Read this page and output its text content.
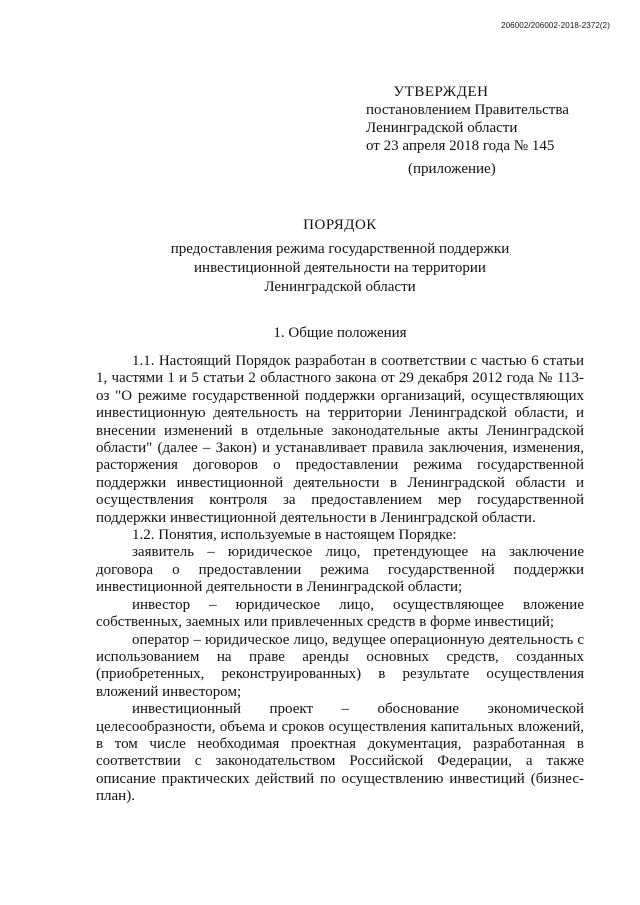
206002/206002-2018-2372(2)
УТВЕРЖДЕН
постановлением Правительства
Ленинградской области
от 23 апреля 2018 года № 145
(приложение)
ПОРЯДОК
предоставления режима государственной поддержки
инвестиционной деятельности на территории
Ленинградской области
1. Общие положения

1.1. Настоящий Порядок разработан в соответствии с частью 6 статьи 1, частями 1 и 5 статьи 2 областного закона от 29 декабря 2012 года № 113-оз "О режиме государственной поддержки организаций, осуществляющих инвестиционную деятельность на территории Ленинградской области, и внесении изменений в отдельные законодательные акты Ленинградской области" (далее – Закон) и устанавливает правила заключения, изменения, расторжения договоров о предоставлении режима государственной поддержки инвестиционной деятельности в Ленинградской области и осуществления контроля за предоставлением мер государственной поддержки инвестиционной деятельности в Ленинградской области.

1.2. Понятия, используемые в настоящем Порядке:

заявитель – юридическое лицо, претендующее на заключение договора о предоставлении режима государственной поддержки инвестиционной деятельности в Ленинградской области;

инвестор – юридическое лицо, осуществляющее вложение собственных, заемных или привлеченных средств в форме инвестиций;

оператор – юридическое лицо, ведущее операционную деятельность с использованием на праве аренды основных средств, созданных (приобретенных, реконструированных) в результате осуществления вложений инвестором;

инвестиционный проект – обоснование экономической целесообразности, объема и сроков осуществления капитальных вложений, в том числе необходимая проектная документация, разработанная в соответствии с законодательством Российской Федерации, а также описание практических действий по осуществлению инвестиций (бизнес-план).
